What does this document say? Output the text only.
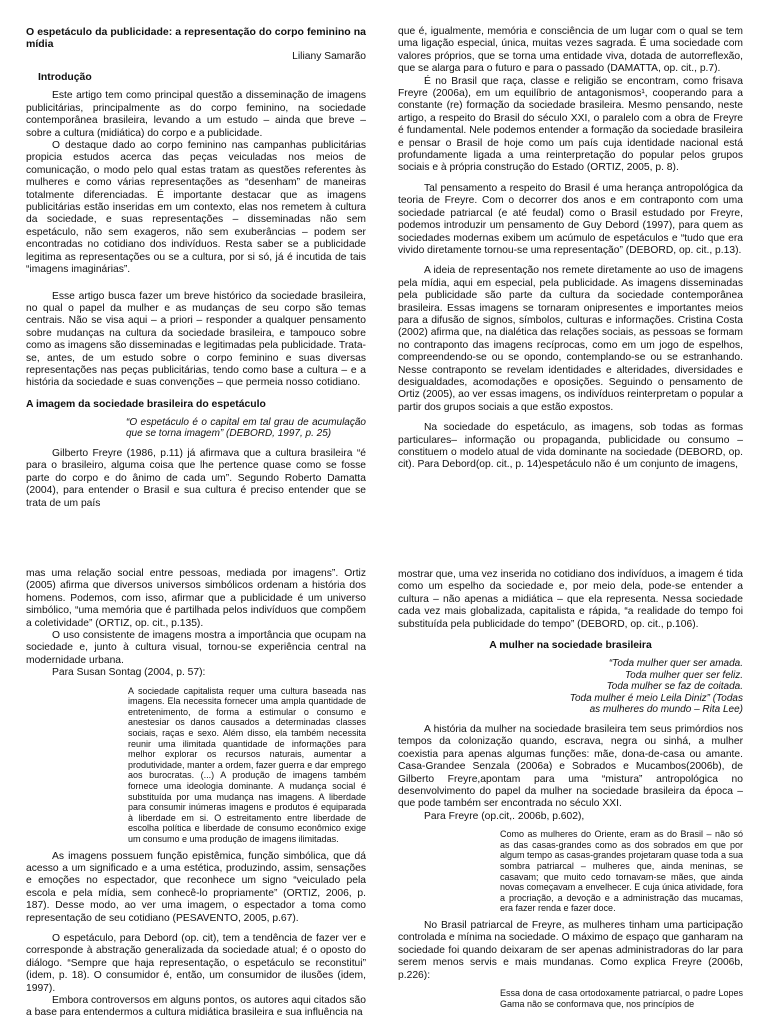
O espetáculo da publicidade: a representação do corpo feminino na mídia

Liliany Samarão

Introdução

Este artigo tem como principal questão a disseminação de imagens publicitárias, principalmente as do corpo feminino, na sociedade contemporânea brasileira, levando a um estudo – ainda que breve – sobre a cultura (midiática) do corpo e a publicidade.

O destaque dado ao corpo feminino nas campanhas publicitárias propicia estudos acerca das peças veiculadas nos meios de comunicação, o modo pelo qual estas tratam as questões referentes às mulheres e como várias representações as “desenham” de maneiras totalmente diferenciadas. É importante destacar que as imagens publicitárias estão inseridas em um contexto, elas nos remetem à cultura da sociedade, e suas representações – disseminadas não sem espetáculo, não sem exageros, não sem exuberâncias – podem ser encontradas no cotidiano dos indivíduos. Resta saber se a publicidade legitima as representações ou se a cultura, por si só, já é incutida de tais “imagens imaginárias”.

Esse artigo busca fazer um breve histórico da sociedade brasileira, no qual o papel da mulher e as mudanças de seu corpo são temas centrais. Não se visa aqui – a priori – responder a qualquer pensamento sobre mudanças na cultura da sociedade brasileira, e tampouco sobre como as imagens são disseminadas e legitimadas pela publicidade. Trata-se, antes, de um estudo sobre o corpo feminino e suas diversas representações nas peças publicitárias, tendo como base a cultura – e a história da sociedade e suas convenções – que permeia nosso cotidiano.

A imagem da sociedade brasileira do espetáculo

“O espetáculo é o capital em tal grau de acumulação que se torna imagem” (DEBORD, 1997, p. 25)

Gilberto Freyre (1986, p.11) já afirmava que a cultura brasileira “é para o brasileiro, alguma coisa que lhe pertence quase como se fosse parte do corpo e do ânimo de cada um”. Segundo Roberto Damatta (2004), para entender o Brasil e sua cultura é preciso entender que se trata de um país

que é, igualmente, memória e consciência de um lugar com o qual se tem uma ligação especial, única, muitas vezes sagrada. É uma sociedade com valores próprios, que se torna uma entidade viva, dotada de autorreflexão, que se alarga para o futuro e para o passado (DAMATTA, op. cit., p.7).

É no Brasil que raça, classe e religião se encontram, como frisava Freyre (2006a), em um equilíbrio de antagonismos¹, cooperando para a constante (re) formação da sociedade brasileira. Mesmo pensando, neste artigo, a respeito do Brasil do século XXI, o paralelo com a obra de Freyre é fundamental. Nele podemos entender a formação da sociedade brasileira e pensar o Brasil de hoje como um país cuja identidade nacional está profundamente ligada a uma reinterpretação do popular pelos grupos sociais e à própria construção do Estado (ORTIZ, 2005, p. 8).

Tal pensamento a respeito do Brasil é uma herança antropológica da teoria de Freyre. Com o decorrer dos anos e em contraponto com uma sociedade patriarcal (e até feudal) como o Brasil estudado por Freyre, podemos introduzir um pensamento de Guy Debord (1997), para quem as sociedades modernas exibem um acúmulo de espetáculos e “tudo que era vivido diretamente tornou-se uma representação” (DEBORD, op. cit., p.13).

A ideia de representação nos remete diretamente ao uso de imagens pela mídia, aqui em especial, pela publicidade. As imagens disseminadas pela publicidade são parte da cultura da sociedade contemporânea brasileira. Essas imagens se tornaram onipresentes e importantes meios para a difusão de signos, símbolos, culturas e informações. Cristina Costa (2002) afirma que, na dialética das relações sociais, as pessoas se formam no contraponto das imagens recíprocas, como em um jogo de espelhos, compreendendo-se ou se opondo, contemplando-se ou se estranhando. Nesse contraponto se revelam identidades e alteridades, diversidades e desigualdades, acomodações e oposições. Seguindo o pensamento de Ortiz (2005), ao ver essas imagens, os indivíduos reinterpretam o popular a partir dos grupos sociais a que estão expostos.

Na sociedade do espetáculo, as imagens, sob todas as formas particulares– informação ou propaganda, publicidade ou consumo – constituem o modelo atual de vida dominante na sociedade (DEBORD, op. cit). Para Debord(op. cit., p. 14)espetáculo não é um conjunto de imagens,

mas uma relação social entre pessoas, mediada por imagens”. Ortiz (2005) afirma que diversos universos simbólicos ordenam a história dos homens. Podemos, com isso, afirmar que a publicidade é um universo simbólico, “uma memória que é partilhada pelos indivíduos que compõem a coletividade” (ORTIZ, op. cit., p.135).

O uso consistente de imagens mostra a importância que ocupam na sociedade e, junto à cultura visual, tornou-se experiência central na modernidade urbana.

Para Susan Sontag (2004, p. 57):

A sociedade capitalista requer uma cultura baseada nas imagens. Ela necessita fornecer uma ampla quantidade de entretenimento, de forma a estimular o consumo e anestesiar os danos causados a determinadas classes sociais, raças e sexo. Além disso, ela também necessita reunir uma ilimitada quantidade de informações para melhor explorar os recursos naturais, aumentar a produtividade, manter a ordem, fazer guerra e dar emprego aos burocratas. (...) A produção de imagens também fornece uma ideologia dominante. A mudança social é substituída por uma mudança nas imagens. A liberdade para consumir inúmeras imagens e produtos é equiparada à liberdade em si. O estreitamento entre liberdade de escolha política e liberdade de consumo econômico exige um consumo e uma produção de imagens ilimitadas.

As imagens possuem função epistêmica, função simbólica, que dá acesso a um significado e a uma estética, produzindo, assim, sensações e emoções no espectador, que reconhece um signo “veiculado pela escola e pela mídia, sem conhecê-lo propriamente” (ORTIZ, 2006, p. 187). Desse modo, ao ver uma imagem, o espectador a toma como representação de seu cotidiano (PESAVENTO, 2005, p.67).

O espetáculo, para Debord (op. cit), tem a tendência de fazer ver e corresponde à abstração generalizada da sociedade atual; é o oposto do diálogo. “Sempre que haja representação, o espetáculo se reconstitui” (idem, p. 18). O consumidor é, então, um consumidor de ilusões (idem, 1997).

Embora controversos em alguns pontos, os autores aqui citados são a base para entendermos a cultura midiática brasileira e sua influência na

mostrar que, uma vez inserida no cotidiano dos indivíduos, a imagem é tida como um espelho da sociedade e, por meio dela, pode-se entender a cultura – não apenas a midiática – que ela representa. Nessa sociedade cada vez mais globalizada, capitalista e rápida, “a realidade do tempo foi substituída pela publicidade do tempo” (DEBORD, op. cit., p.106).

A mulher na sociedade brasileira
“Toda mulher quer ser amada.
Toda mulher quer ser feliz.
Toda mulher se faz de coitada.
Toda mulher é meio Leila Diniz” (Todas
as mulheres do mundo – Rita Lee)

A história da mulher na sociedade brasileira tem seus primórdios nos tempos da colonização quando, escrava, negra ou sinhá, a mulher coexistia para apenas algumas funções: mãe, dona-de-casa ou amante. Casa-Grandee Senzala (2006a) e Sobrados e Mucambos(2006b), de Gilberto Freyre,apontam para uma “mistura” antropológica no desenvolvimento do papel da mulher na sociedade brasileira da época – que pode também ser encontrada no século XXI.

Para Freyre (op.cit,. 2006b, p.602),

Como as mulheres do Oriente, eram as do Brasil – não só as das casas-grandes como as dos sobrados em que por algum tempo as casas-grandes projetaram quase toda a sua sombra patriarcal – mulheres que, ainda meninas, se casavam; que muito cedo tornavam-se mães, que ainda novas começavam a envelhecer. E cuja única atividade, fora a procriação, a devoção e a administração das mucamas, era fazer renda e fazer doce.

No Brasil patriarcal de Freyre, as mulheres tinham uma participação controlada e mínima na sociedade. O máximo de espaço que ganharam na sociedade foi quando deixaram de ser apenas administradoras do lar para serem menos servis e mais mundanas. Como explica Freyre (2006b, p.226):

Essa dona de casa ortodoxamente patriarcal, o padre Lopes Gama não se conformava que, nos princípios de
